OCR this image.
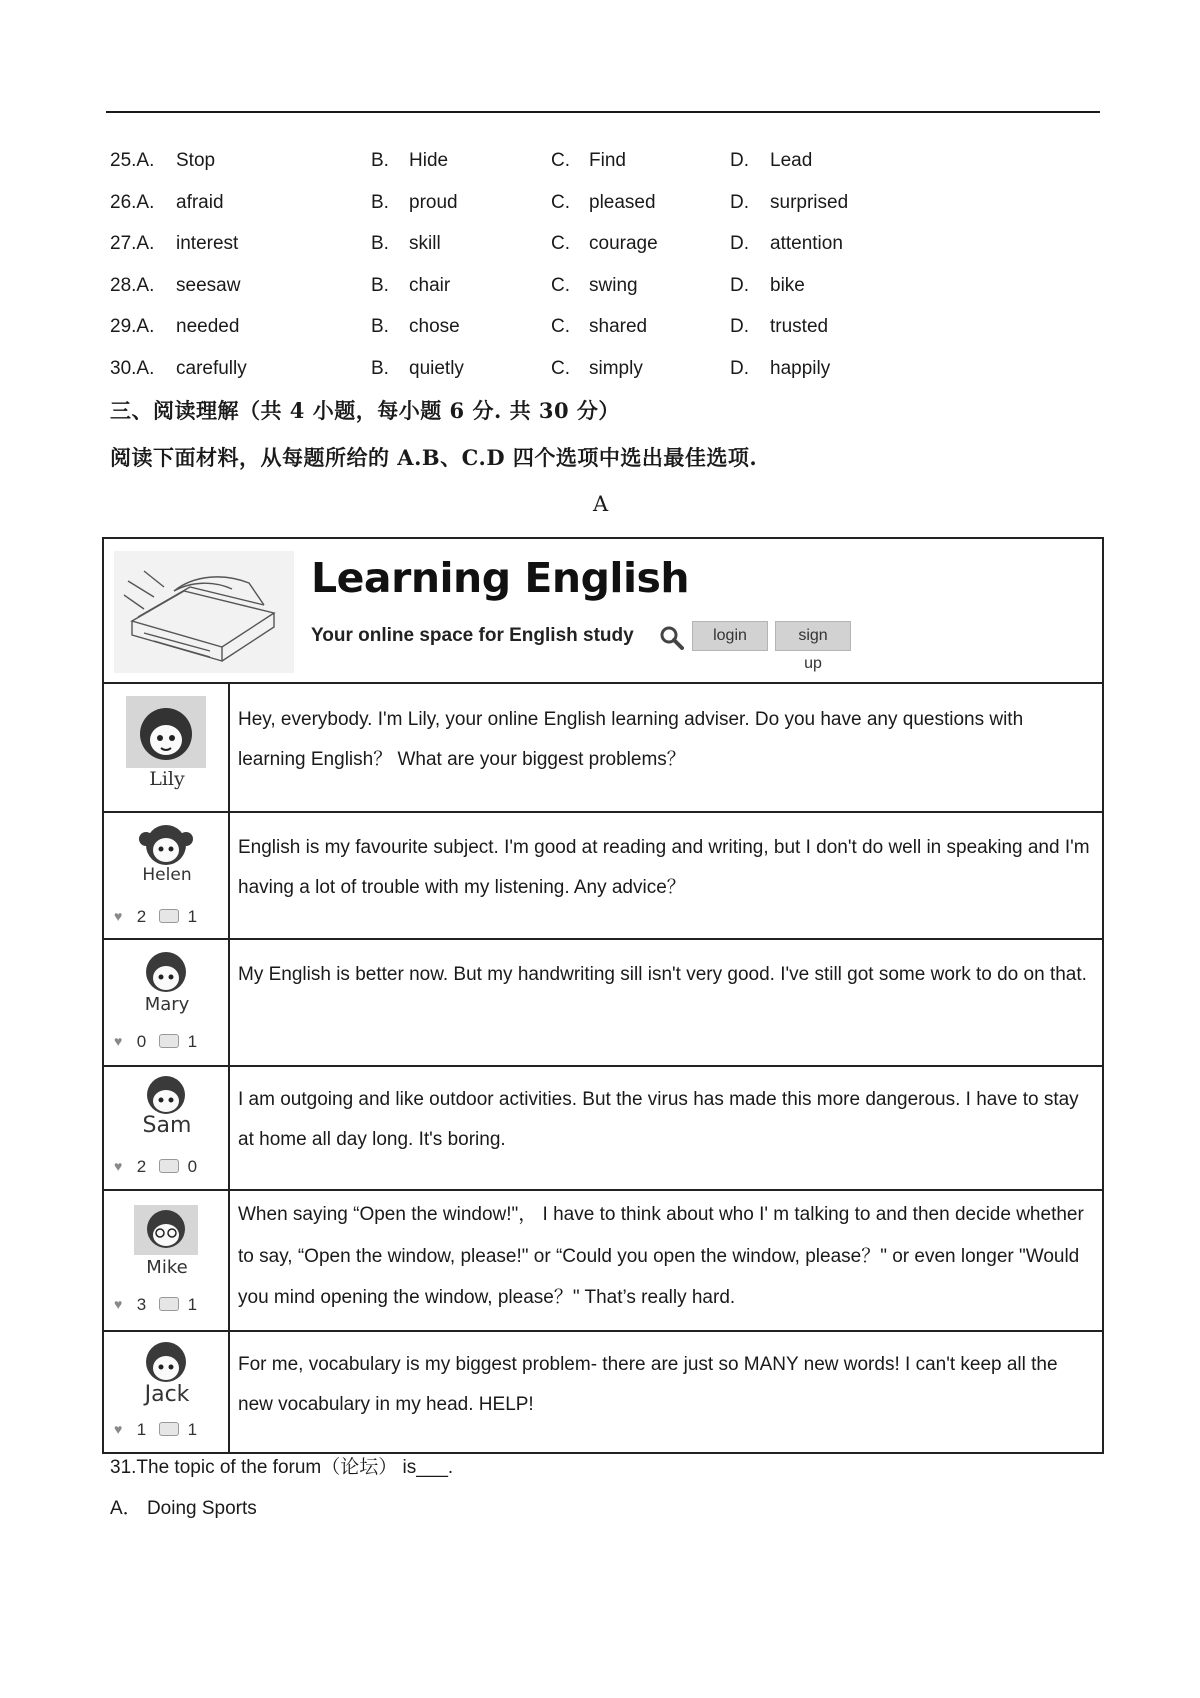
25.A. Stop	B. Hide	C. Find	D. Lead
26.A. afraid	B. proud	C. pleased	D. surprised
27.A. interest	B. skill	C. courage	D. attention
28.A. seesaw	B. chair	C. swing	D. bike
29.A. needed	B. chose	C. shared	D. trusted
30.A. carefully	B. quietly	C. simply	D. happily
三、阅读理解（共 4 小题，每小题 6 分. 共 30 分）
阅读下面材料，从每题所给的 A.B、C.D 四个选项中选出最佳选项.
A
Learning English
Your online space for English study	login	sign up
Lily
Hey, everybody. I'm Lily, your online English learning adviser. Do you have any questions with learning English？ What are your biggest problems？
Helen
♥ 2 1
English is my favourite subject. I'm good at reading and writing, but I don't do well in speaking and I'm having a lot of trouble with my listening. Any advice？
Mary
♥ 0 1
My English is better now. But my handwriting sill isn't very good. I've still got some work to do on that.
Sam
♥ 2 0
I am outgoing and like outdoor activities. But the virus has made this more dangerous. I have to stay at home all day long. It's boring.
Mike
♥ 3 1
When saying “Open the window!"， I have to think about who I' m talking to and then decide whether to say, “Open the window, please!" or “Could you open the window, please？" or even longer "Would you mind opening the window, please？" That’s really hard.
Jack
♥ 1 1
For me, vocabulary is my biggest problem- there are just so MANY new words! I can't keep all the new vocabulary in my head. HELP!
31.The topic of the forum（论坛） is___.
A． Doing Sports
